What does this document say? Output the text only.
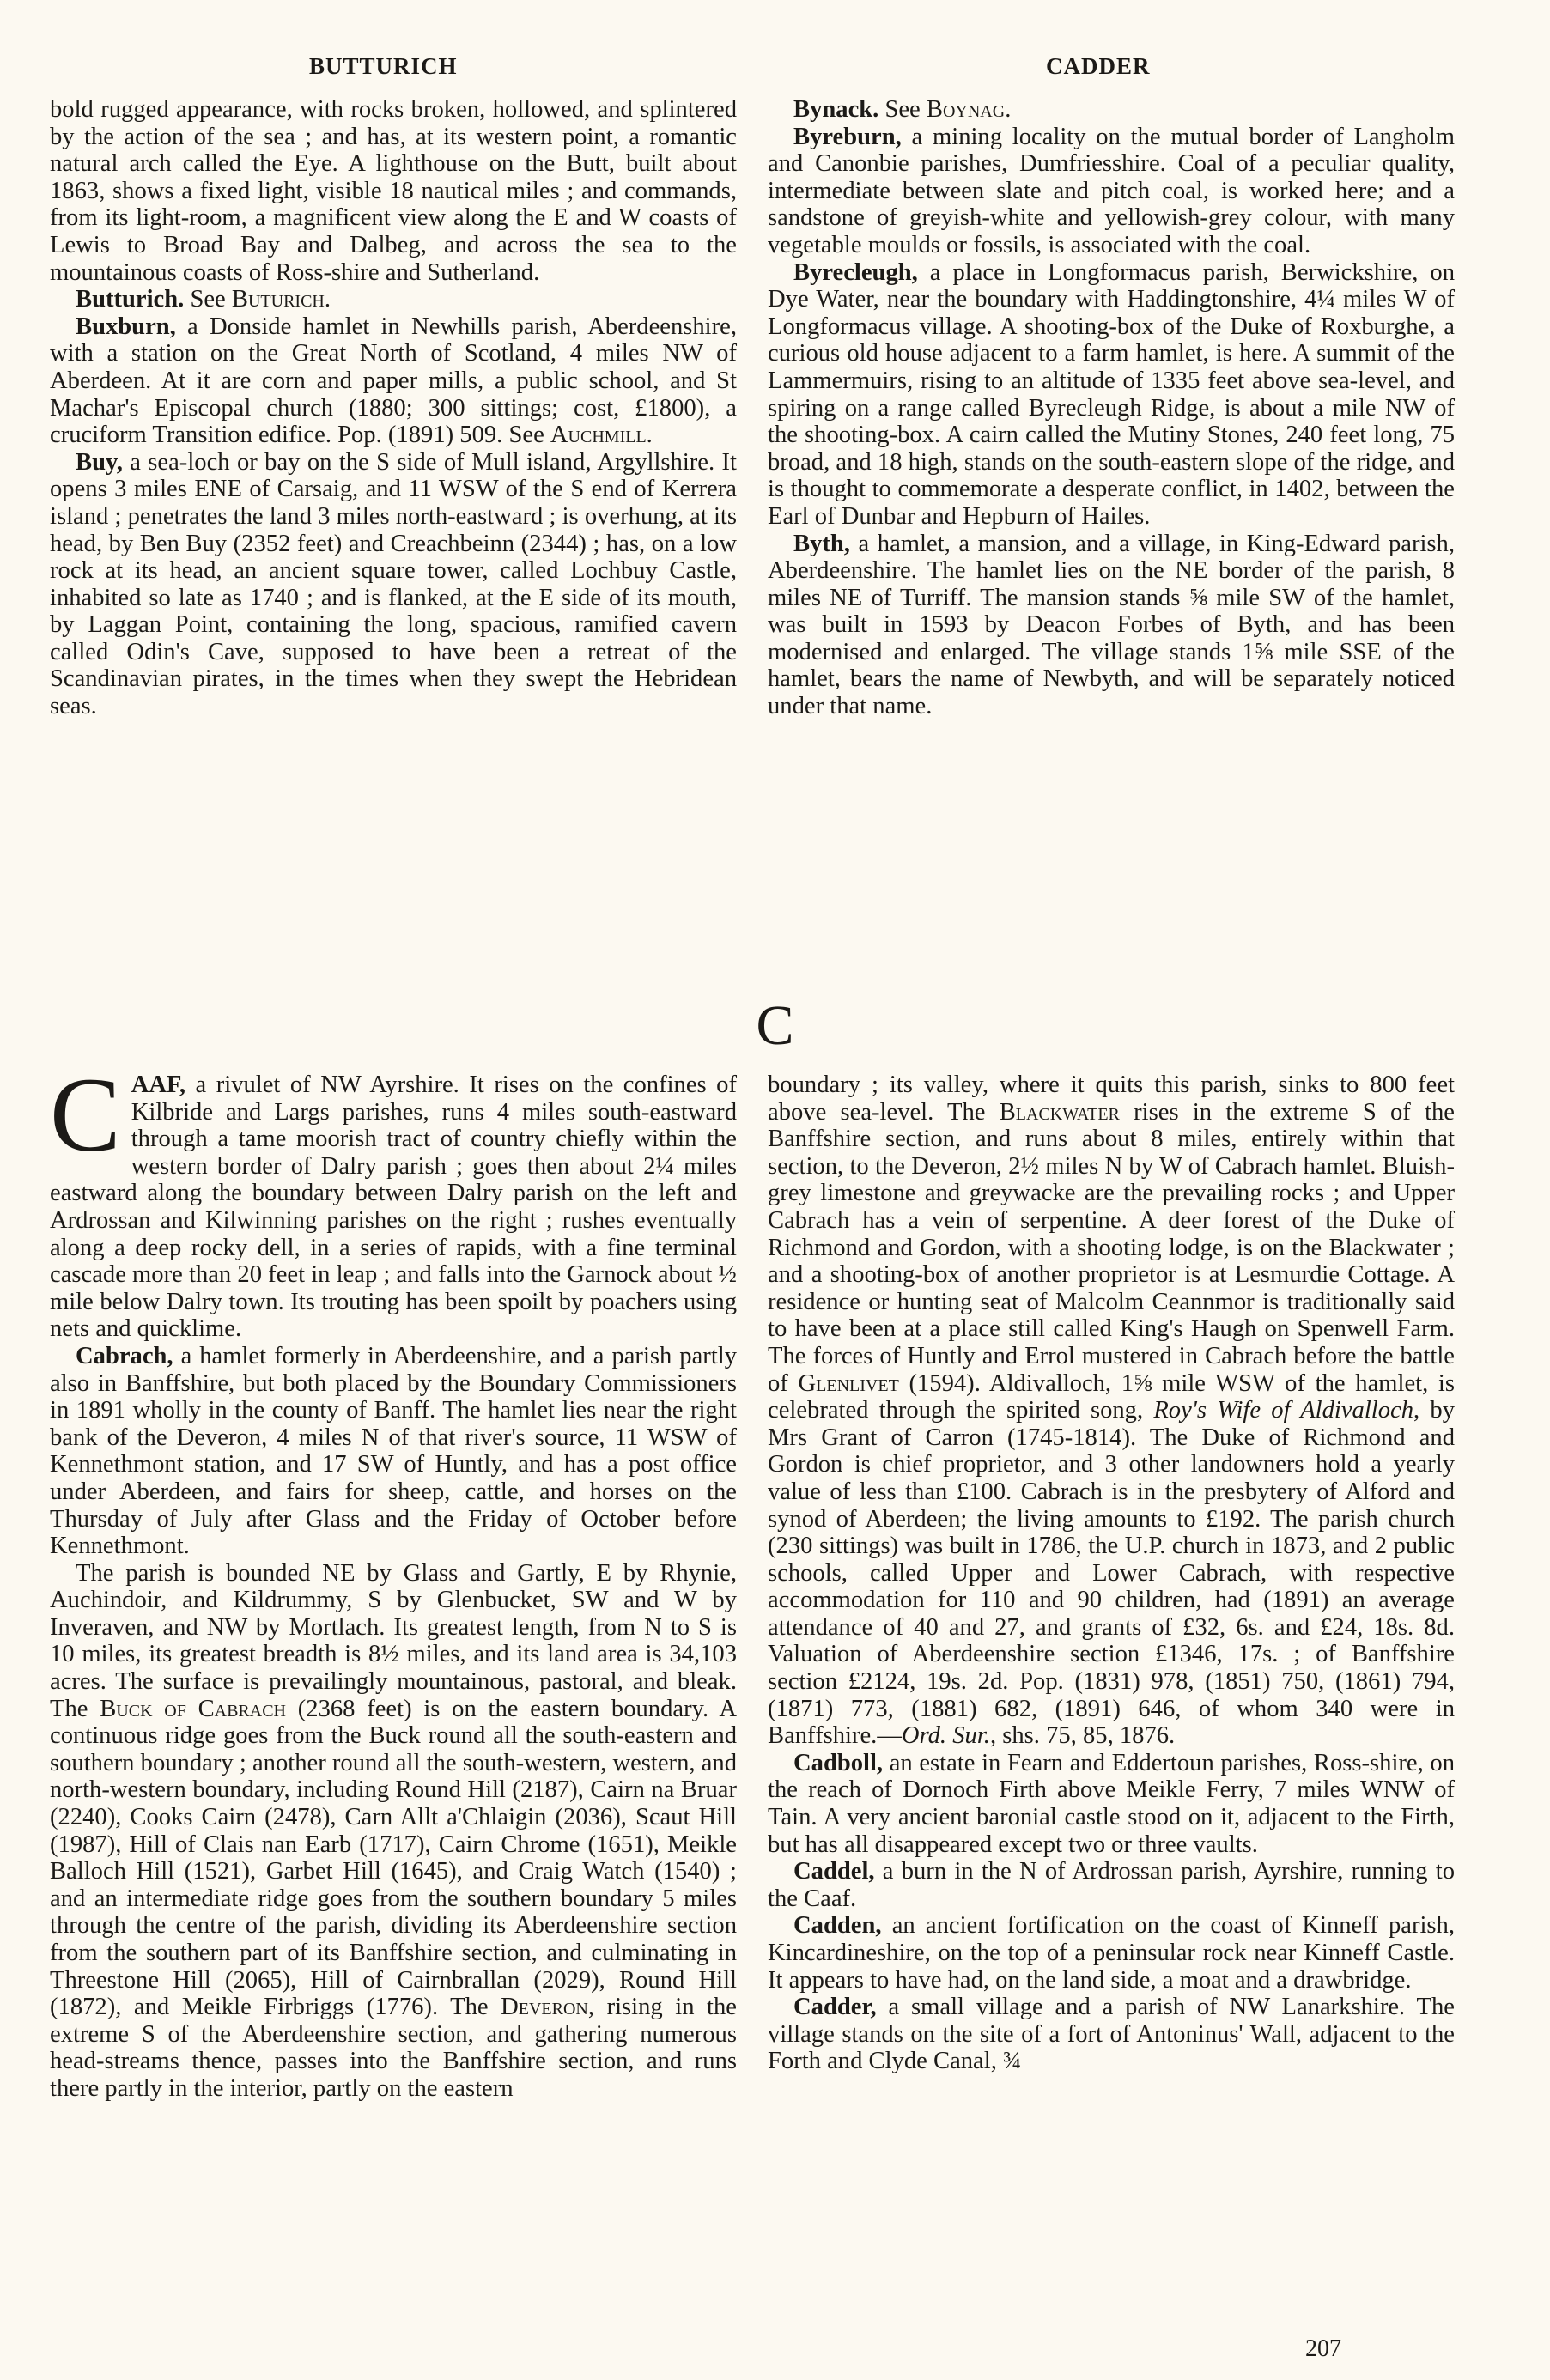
BUTTURICH	CADDER

bold rugged appearance, with rocks broken, hollowed, and splintered by the action of the sea ; and has, at its western point, a romantic natural arch called the Eye. A lighthouse on the Butt, built about 1863, shows a fixed light, visible 18 nautical miles ; and commands, from its light-room, a magnificent view along the E and W coasts of Lewis to Broad Bay and Dalbeg, and across the sea to the mountainous coasts of Ross-shire and Sutherland.

Butturich. See Buturich.

Buxburn, a Donside hamlet in Newhills parish, Aberdeenshire, with a station on the Great North of Scotland, 4 miles NW of Aberdeen. At it are corn and paper mills, a public school, and St Machar's Episcopal church (1880; 300 sittings; cost, £1800), a cruciform Transition edifice. Pop. (1891) 509. See Auchmill.

Buy, a sea-loch or bay on the S side of Mull island, Argyllshire. It opens 3 miles ENE of Carsaig, and 11 WSW of the S end of Kerrera island ; penetrates the land 3 miles north-eastward ; is overhung, at its head, by Ben Buy (2352 feet) and Creachbeinn (2344) ; has, on a low rock at its head, an ancient square tower, called Lochbuy Castle, inhabited so late as 1740 ; and is flanked, at the E side of its mouth, by Laggan Point, containing the long, spacious, ramified cavern called Odin's Cave, supposed to have been a retreat of the Scandinavian pirates, in the times when they swept the Hebridean seas.

Bynack. See Boynag.

Byreburn, a mining locality on the mutual border of Langholm and Canonbie parishes, Dumfriesshire. Coal of a peculiar quality, intermediate between slate and pitch coal, is worked here; and a sandstone of greyish-white and yellowish-grey colour, with many vegetable moulds or fossils, is associated with the coal.

Byrecleugh, a place in Longformacus parish, Berwickshire, on Dye Water, near the boundary with Haddingtonshire, 4¼ miles W of Longformacus village. A shooting-box of the Duke of Roxburghe, a curious old house adjacent to a farm hamlet, is here. A summit of the Lammermuirs, rising to an altitude of 1335 feet above sea-level, and spiring on a range called Byrecleugh Ridge, is about a mile NW of the shooting-box. A cairn called the Mutiny Stones, 240 feet long, 75 broad, and 18 high, stands on the south-eastern slope of the ridge, and is thought to commemorate a desperate conflict, in 1402, between the Earl of Dunbar and Hepburn of Hailes.

Byth, a hamlet, a mansion, and a village, in King-Edward parish, Aberdeenshire. The hamlet lies on the NE border of the parish, 8 miles NE of Turriff. The mansion stands ⅝ mile SW of the hamlet, was built in 1593 by Deacon Forbes of Byth, and has been modernised and enlarged. The village stands 1⅝ mile SSE of the hamlet, bears the name of Newbyth, and will be separately noticed under that name.

C

CAAF, a rivulet of NW Ayrshire. It rises on the confines of Kilbride and Largs parishes, runs 4 miles south-eastward through a tame moorish tract of country chiefly within the western border of Dalry parish ; goes then about 2¼ miles eastward along the boundary between Dalry parish on the left and Ardrossan and Kilwinning parishes on the right ; rushes eventually along a deep rocky dell, in a series of rapids, with a fine terminal cascade more than 20 feet in leap ; and falls into the Garnock about ½ mile below Dalry town. Its trouting has been spoilt by poachers using nets and quicklime.

Cabrach, a hamlet formerly in Aberdeenshire, and a parish partly also in Banffshire, but both placed by the Boundary Commissioners in 1891 wholly in the county of Banff. The hamlet lies near the right bank of the Deveron, 4 miles N of that river's source, 11 WSW of Kennethmont station, and 17 SW of Huntly, and has a post office under Aberdeen, and fairs for sheep, cattle, and horses on the Thursday of July after Glass and the Friday of October before Kennethmont.

The parish is bounded NE by Glass and Gartly, E by Rhynie, Auchindoir, and Kildrummy, S by Glenbucket, SW and W by Inveraven, and NW by Mortlach. Its greatest length, from N to S is 10 miles, its greatest breadth is 8½ miles, and its land area is 34,103 acres. The surface is prevailingly mountainous, pastoral, and bleak. The Buck of Cabrach (2368 feet) is on the eastern boundary. A continuous ridge goes from the Buck round all the south-eastern and southern boundary ; another round all the south-western, western, and north-western boundary, including Round Hill (2187), Cairn na Bruar (2240), Cooks Cairn (2478), Carn Allt a'Chlaigin (2036), Scaut Hill (1987), Hill of Clais nan Earb (1717), Cairn Chrome (1651), Meikle Balloch Hill (1521), Garbet Hill (1645), and Craig Watch (1540) ; and an intermediate ridge goes from the southern boundary 5 miles through the centre of the parish, dividing its Aberdeenshire section from the southern part of its Banffshire section, and culminating in Threestone Hill (2065), Hill of Cairnbrallan (2029), Round Hill (1872), and Meikle Firbriggs (1776). The Deveron, rising in the extreme S of the Aberdeenshire section, and gathering numerous head-streams thence, passes into the Banffshire section, and runs there partly in the interior, partly on the eastern

boundary ; its valley, where it quits this parish, sinks to 800 feet above sea-level. The Blackwater rises in the extreme S of the Banffshire section, and runs about 8 miles, entirely within that section, to the Deveron, 2½ miles N by W of Cabrach hamlet. Bluish-grey limestone and greywacke are the prevailing rocks ; and Upper Cabrach has a vein of serpentine. A deer forest of the Duke of Richmond and Gordon, with a shooting lodge, is on the Blackwater ; and a shooting-box of another proprietor is at Lesmurdie Cottage. A residence or hunting seat of Malcolm Ceannmor is traditionally said to have been at a place still called King's Haugh on Spenwell Farm. The forces of Huntly and Errol mustered in Cabrach before the battle of Glenlivet (1594). Aldivalloch, 1⅝ mile WSW of the hamlet, is celebrated through the spirited song, Roy's Wife of Aldivalloch, by Mrs Grant of Carron (1745-1814). The Duke of Richmond and Gordon is chief proprietor, and 3 other landowners hold a yearly value of less than £100. Cabrach is in the presbytery of Alford and synod of Aberdeen; the living amounts to £192. The parish church (230 sittings) was built in 1786, the U.P. church in 1873, and 2 public schools, called Upper and Lower Cabrach, with respective accommodation for 110 and 90 children, had (1891) an average attendance of 40 and 27, and grants of £32, 6s. and £24, 18s. 8d. Valuation of Aberdeenshire section £1346, 17s. ; of Banffshire section £2124, 19s. 2d. Pop. (1831) 978, (1851) 750, (1861) 794, (1871) 773, (1881) 682, (1891) 646, of whom 340 were in Banffshire.—Ord. Sur., shs. 75, 85, 1876.

Cadboll, an estate in Fearn and Eddertoun parishes, Ross-shire, on the reach of Dornoch Firth above Meikle Ferry, 7 miles WNW of Tain. A very ancient baronial castle stood on it, adjacent to the Firth, but has all disappeared except two or three vaults.

Caddel, a burn in the N of Ardrossan parish, Ayrshire, running to the Caaf.

Cadden, an ancient fortification on the coast of Kinneff parish, Kincardineshire, on the top of a peninsular rock near Kinneff Castle. It appears to have had, on the land side, a moat and a drawbridge.

Cadder, a small village and a parish of NW Lanarkshire. The village stands on the site of a fort of Antoninus' Wall, adjacent to the Forth and Clyde Canal, ¾

207
